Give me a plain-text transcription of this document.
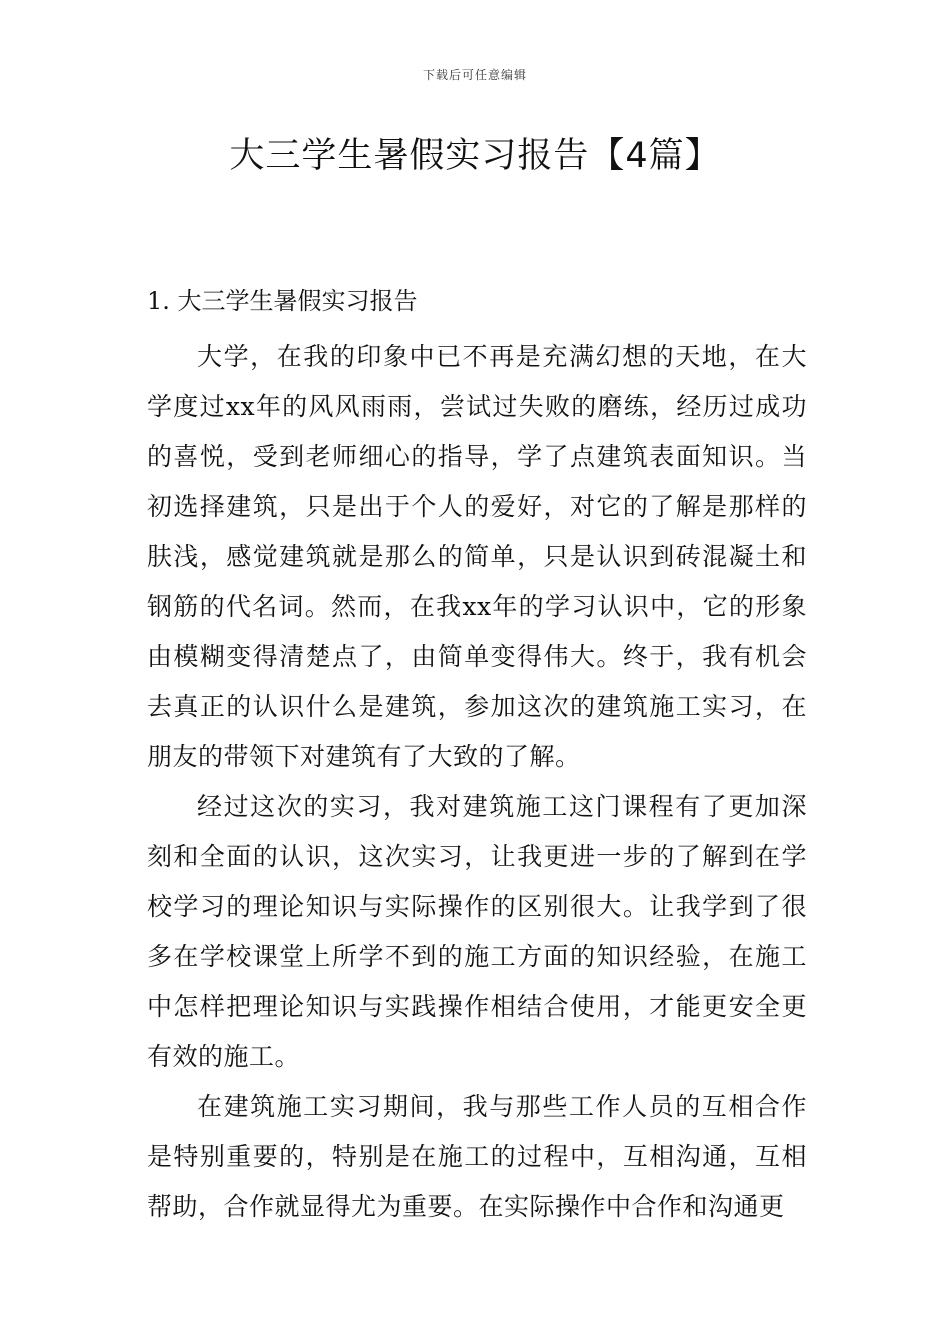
下载后可任意编辑
大三学生暑假实习报告【4篇】
1. 大三学生暑假实习报告

大学，在我的印象中已不再是充满幻想的天地，在大学度过xx年的风风雨雨，尝试过失败的磨练，经历过成功的喜悦，受到老师细心的指导，学了点建筑表面知识。当初选择建筑，只是出于个人的爱好，对它的了解是那样的肤浅，感觉建筑就是那么的简单，只是认识到砖混凝土和钢筋的代名词。然而，在我xx年的学习认识中，它的形象由模糊变得清楚点了，由简单变得伟大。终于，我有机会去真正的认识什么是建筑，参加这次的建筑施工实习，在朋友的带领下对建筑有了大致的了解。

经过这次的实习，我对建筑施工这门课程有了更加深刻和全面的认识，这次实习，让我更进一步的了解到在学校学习的理论知识与实际操作的区别很大。让我学到了很多在学校课堂上所学不到的施工方面的知识经验，在施工中怎样把理论知识与实践操作相结合使用，才能更安全更有效的施工。

在建筑施工实习期间，我与那些工作人员的互相合作是特别重要的，特别是在施工的过程中，互相沟通，互相帮助，合作就显得尤为重要。在实际操作中合作和沟通更
